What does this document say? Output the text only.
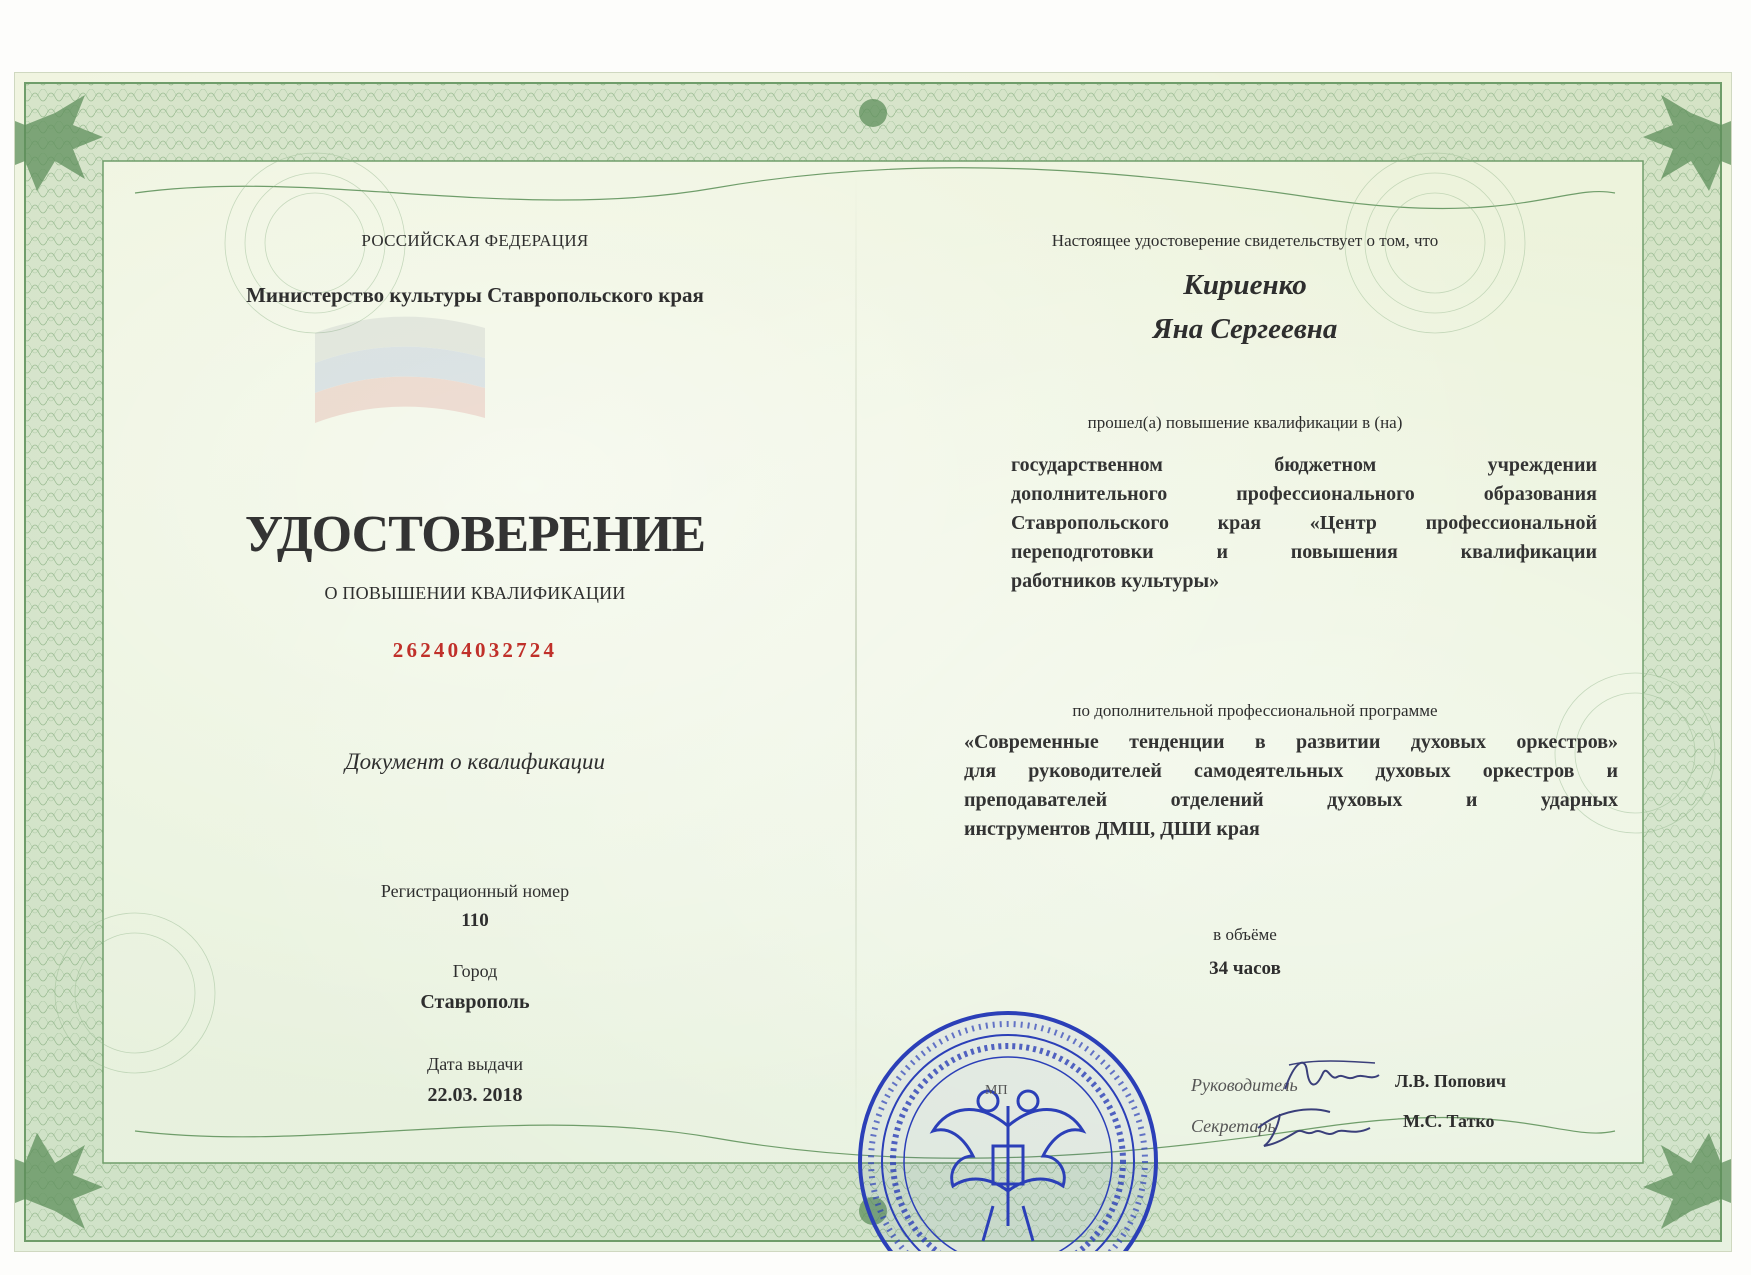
РОССИЙСКАЯ ФЕДЕРАЦИЯ
Министерство культуры Ставропольского края
УДОСТОВЕРЕНИЕ
О ПОВЫШЕНИИ КВАЛИФИКАЦИИ
262404032724
Документ о квалификации
Регистрационный номер
110
Город
Ставрополь
Дата выдачи
22.03. 2018
Настоящее удостоверение свидетельствует о том, что
Кириенко
Яна Сергеевна
прошел(а) повышение квалификации в (на)
государственном бюджетном учреждении
дополнительного профессионального образования
Ставропольского края «Центр профессиональной
переподготовки и повышения квалификации
работников культуры»
по дополнительной профессиональной программе
«Современные тенденции в развитии духовых оркестров»
для руководителей самодеятельных духовых оркестров и
преподавателей отделений духовых и ударных
инструментов ДМШ, ДШИ края
в объёме
34 часов
Руководитель
Секретарь
Л.В. Попович
М.С. Татко
МП
